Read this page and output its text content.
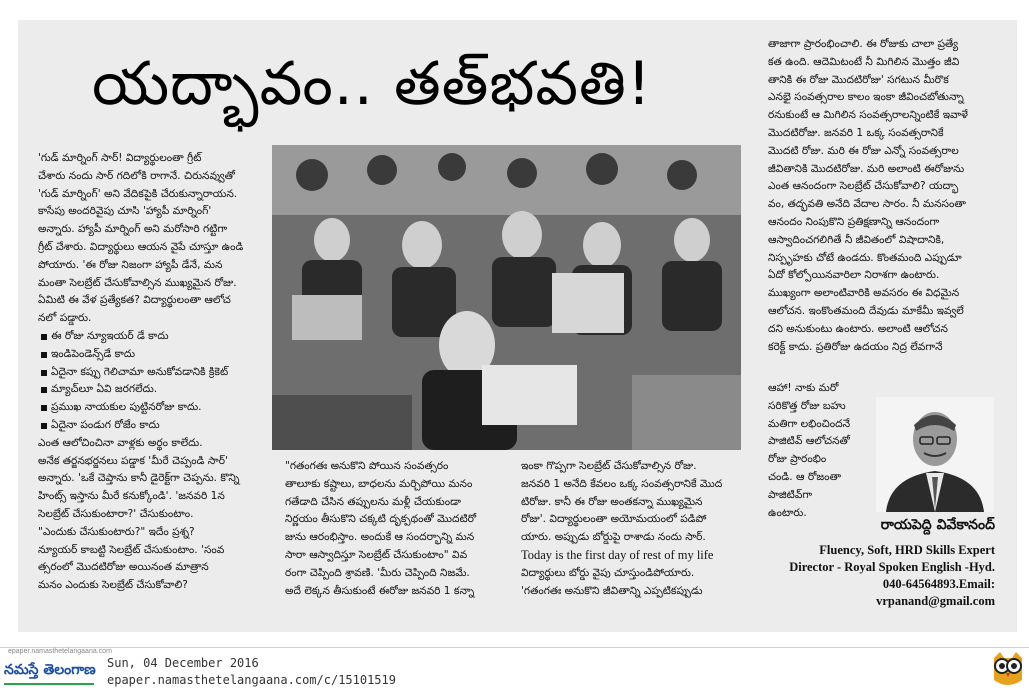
యద్భావం.. తత్‌భవతి!
'గుడ్ మార్నింగ్ సార్! విద్యార్థులంతా గ్రీట్
చేశారు నందు సార్ గదిలోకి రాగానే. చిరునవ్వుతో
'గుడ్ మార్నింగ్' అని వేదికపైకి చేరుకున్నారాయన.
కాసేపు అందరివైపు చూసి 'హ్యాపీ మార్నింగ్'
అన్నారు. హ్యాపీ మార్నింగ్ అని మరోసారి గట్టిగా
గ్రీట్ చేశారు. విద్యార్థులు ఆయన వైపే చూస్తూ ఉండి
పోయారు. 'ఈ రోజు నిజంగా హ్యాపీ డేనే, మన
మంతా సెలబ్రేట్ చేసుకోవాల్సిన ముఖ్యమైన రోజు.
ఏమిటి ఈ వేళ ప్రత్యేకత? విద్యార్థులంతా ఆలోచ
నలో పడ్డారు.
ఈ రోజు న్యూఇయర్ డే కాదు
ఇండిపెండెన్స్‌డే కాదు
ఏదైనా కప్పు గెలిచామా అనుకోవడానికి క్రికెట్
మ్యాచ్‌లూ ఏవి జరగలేదు.
ప్రముఖ నాయకుల పుట్టినరోజు కాదు.
ఏదైనా పండుగ రోజేం కాదు
ఎంత ఆలోచించినా వాళ్లకు అర్థం కాలేదు.
అనేక తర్జనభర్జనలు పడ్డాక 'మీరే చెప్పండి సార్'
అన్నారు. 'ఒకే చెప్తాను కానీ డైరెక్ట్‌గా చెప్పను. కొన్ని
హింట్స్ ఇస్తాను మీరే కనుక్కోండి'. 'జనవరి 1న
సెలబ్రేట్ చేసుకుంటారా?' చేసుకుంటాం.
"ఎందుకు చేసుకుంటారు?" ఇదేం ప్రశ్న?
న్యూయర్ కాబట్టి సెలబ్రేట్ చేసుకుంటాం. 'సంవ
త్సరంలో మొదటిరోజు అయినంత మాత్రాన
మనం ఎందుకు సెలబ్రేట్ చేసుకోవాలి?
"గతంగతః అనుకొని పోయిన సంవత్సరం
తాలూకు కష్టాలు, బాధలను మర్చిపోయి మనం
గతేడాది చేసిన తప్పులను మళ్లీ చేయకుండా
నిర్ణయం తీసుకొని చక్కటి దృక్పథంతో మొదటిరో
జును ఆరంభిస్తాం. అందుకే ఆ సందర్భాన్ని మన
సారా ఆస్వాదిస్తూ సెలబ్రేట్ చేసుకుంటాం" వివ
రంగా చెప్పింది శ్రావణి. 'మీరు చెప్పింది నిజమే.
అదే లెక్కన తీసుకుంటే ఈరోజు జనవరి 1 కన్నా
ఇంకా గొప్పగా సెలబ్రేట్ చేసుకోవాల్సిన రోజు.
జనవరి 1 అనేది కేవలం ఒక్క సంవత్సరానికే మొద
టిరోజు. కానీ ఈ రోజు అంతకన్నా ముఖ్యమైన
రోజు'. విద్యార్థులంతా అయోమయంలో పడిపో
యారు. అప్పుడు బోర్డుపై రాశాడు నందు సార్.
Today is the first day of rest of my life
విద్యార్థులు బోర్డు వైపు చూస్తుండిపోయారు.
'గతంగతః అనుకొని జీవితాన్ని ఎప్పటికప్పుడు
తాజాగా ప్రారంభించాలి. ఈ రోజుకు చాలా ప్రత్యే
కత ఉంది. ఆదెమిటంటే నీ మిగిలిన మొత్తం జీవి
తానికి ఈ రోజు మొదటిరోజు' సగటున మీరొక
ఎనభై సంవత్సరాల కాలం ఇంకా జీవించబోతున్నా
రనుకుంటే ఆ మిగిలిన సంవత్సరాలన్నింటికే ఇవాళే
మొదటిరోజు. జనవరి 1 ఒక్క సంవత్సరానికే
మొదటి రోజు. మరి ఈ రోజు ఎన్నో సంవత్సరాల
జీవితానికి మొదటిరోజు. మరి అలాంటి ఈరోజును
ఎంత ఆనందంగా సెలబ్రేట్ చేసుకోవాలి? యద్భా
వం, తద్భవతి అనేది వేదాల సారం. నీ మనసంతా
ఆనందం నింపుకొని ప్రతిక్షణాన్ని ఆనందంగా
ఆస్వాదించగలిగితే నీ జీవితంలో విషాదానికి,
నిస్పృహకు చోటే ఉండదు. కొంతమంది ఎప్పుడూ
ఏదో కోల్పోయినవారిలా నిరాశగా ఉంటారు.
ముఖ్యంగా అలాంటివారికి అవసరం ఈ విధమైన
ఆలోచన. ఇంకొంతమంది దేవుడు మాకేమీ ఇవ్వలే
దని అనుకుంటు ఉంటారు. అలాంటి ఆలోచన
కరెక్ట్ కాదు. ప్రతిరోజు ఉదయం నిద్ర లేవగానే
ఆహా! నాకు మరో
సరికొత్త రోజు బహు
మతిగా లభించిందనే
పాజిటివ్ ఆలోచనతో
రోజు ప్రారంభిం
చండి. ఆ రోజంతా
పాజిటివ్‌గా
ఉంటారు.
రాయపెద్ది వివేకానంద్
Fluency, Soft, HRD Skills Expert
Director - Royal Spoken English -Hyd.
040-64564893.Email:
vrpanand@gmail.com
epaper.namasthetelangaana.com
నమస్తే తెలంగాణ Sun, 04 December 2016
epaper.namasthetelangaana.com/c/15101519
